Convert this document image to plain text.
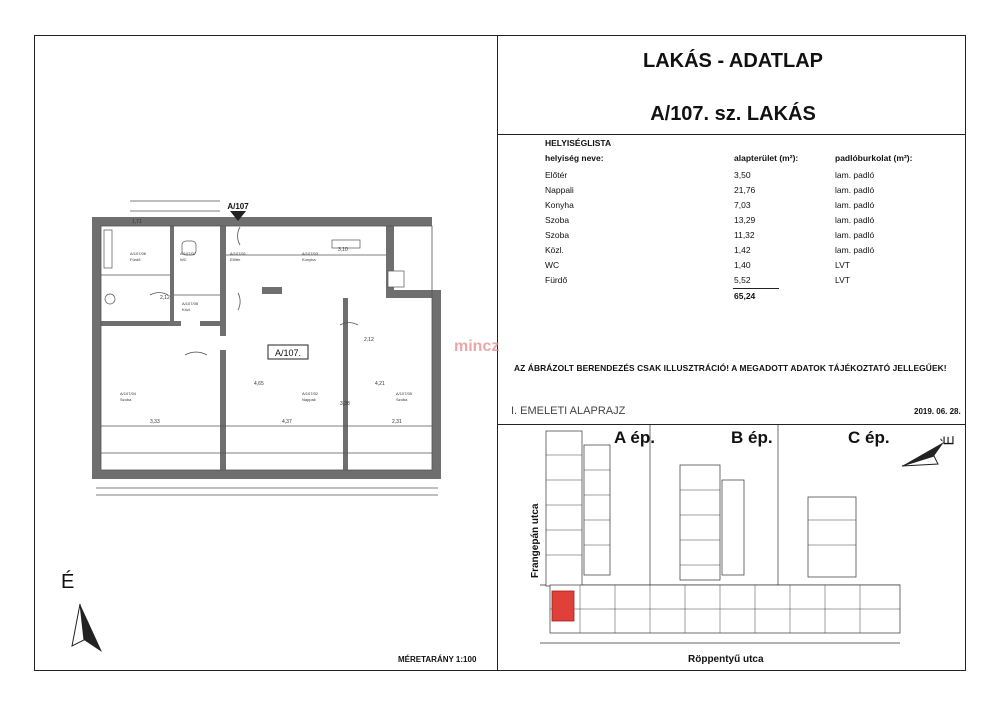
LAKÁS - ADATLAP
A/107. sz. LAKÁS
HELYISÉGLISTA
helyiség neve:	alapterület (m²):	padlóburkolat (m²):
Előtér	3,50	lam. padló
Nappali	21,76	lam. padló
Konyha	7,03	lam. padló
Szoba	13,29	lam. padló
Szoba	11,32	lam. padló
Közl.	1,42	lam. padló
WC	1,40	LVT
Fürdő	5,52	LVT
65,24
mincz
AZ ÁBRÁZOLT BERENDEZÉS CSAK ILLUSZTRÁCIÓ! A MEGADOTT ADATOK TÁJÉKOZTATÓ JELLEGŰEK!
I. EMELETI ALAPRAJZ	2019. 06. 28.
A/107.
A/107
A/107/06
Fürdő
A/107/07
WC
A/107/01
Előtér
A/107/03
Konyha
A/107/08
Közl.
A/107/04
Szoba
A/107/02
Nappali
A/107/05
Szoba
3,33	4,37	2,31
3,10
1,71
2,12
2,12
4,65
3,38
4,21
É
MÉRETARÁNY 1:100
A ép.	B ép.	C ép.
Röppentyű utca
Frangepán utca
É
